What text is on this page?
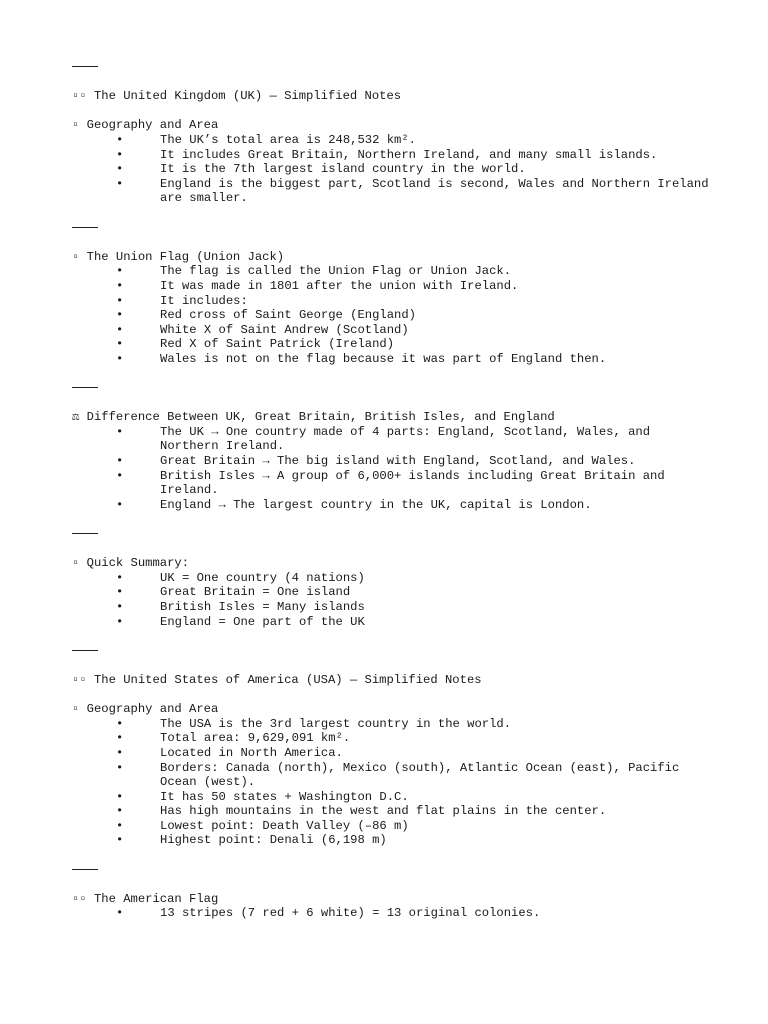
▫▫ The United Kingdom (UK) — Simplified Notes
▫ Geography and Area
•	The UK’s total area is 248,532 km².
•	It includes Great Britain, Northern Ireland, and many small islands.
•	It is the 7th largest island country in the world.
•	England is the biggest part, Scotland is second, Wales and Northern Ireland are smaller.
▫ The Union Flag (Union Jack)
•	The flag is called the Union Flag or Union Jack.
•	It was made in 1801 after the union with Ireland.
•	It includes:
•	Red cross of Saint George (England)
•	White X of Saint Andrew (Scotland)
•	Red X of Saint Patrick (Ireland)
•	Wales is not on the flag because it was part of England then.
⚖ Difference Between UK, Great Britain, British Isles, and England
•	The UK → One country made of 4 parts: England, Scotland, Wales, and Northern Ireland.
•	Great Britain → The big island with England, Scotland, and Wales.
•	British Isles → A group of 6,000+ islands including Great Britain and Ireland.
•	England → The largest country in the UK, capital is London.
▫ Quick Summary:
•	UK = One country (4 nations)
•	Great Britain = One island
•	British Isles = Many islands
•	England = One part of the UK
▫▫ The United States of America (USA) — Simplified Notes
▫ Geography and Area
•	The USA is the 3rd largest country in the world.
•	Total area: 9,629,091 km².
•	Located in North America.
•	Borders: Canada (north), Mexico (south), Atlantic Ocean (east), Pacific Ocean (west).
•	It has 50 states + Washington D.C.
•	Has high mountains in the west and flat plains in the center.
•	Lowest point: Death Valley (–86 m)
•	Highest point: Denali (6,198 m)
▫▫ The American Flag
•	13 stripes (7 red + 6 white) = 13 original colonies.
